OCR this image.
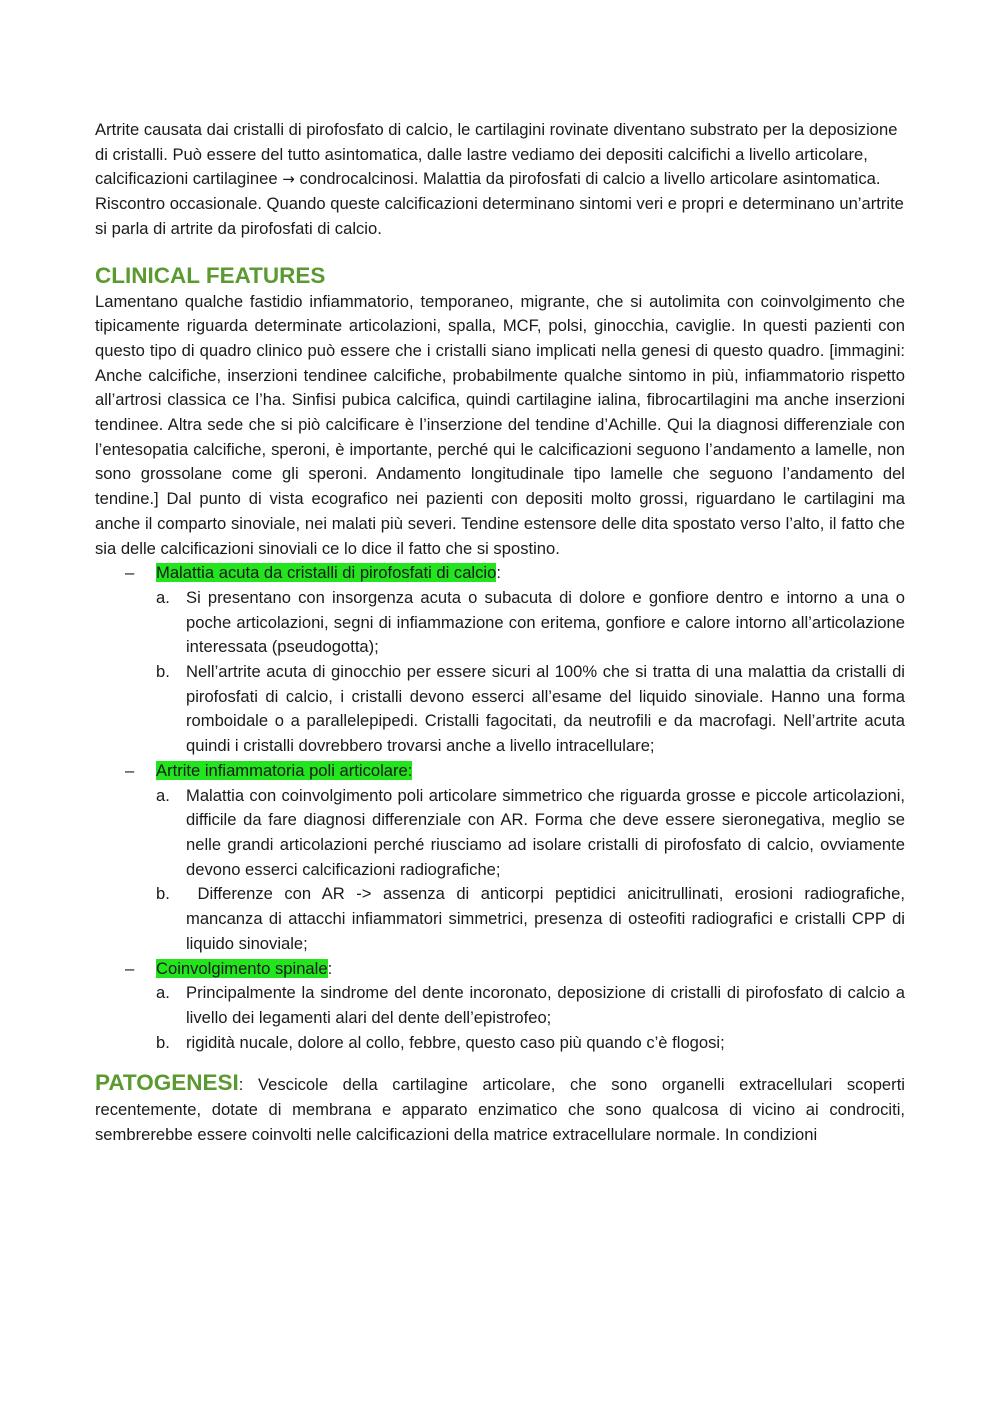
Artrite causata dai cristalli di pirofosfato di calcio, le cartilagini rovinate diventano substrato per la deposizione di cristalli. Può essere del tutto asintomatica, dalle lastre vediamo dei depositi calcifichi a livello articolare, calcificazioni cartilaginee → condrocalcinosi. Malattia da pirofosfati di calcio a livello articolare asintomatica. Riscontro occasionale. Quando queste calcificazioni determinano sintomi veri e propri e determinano un’artrite si parla di artrite da pirofosfati di calcio.

CLINICAL FEATURES

Lamentano qualche fastidio infiammatorio, temporaneo, migrante, che si autolimita con coinvolgimento che tipicamente riguarda determinate articolazioni, spalla, MCF, polsi, ginocchia, caviglie. In questi pazienti con questo tipo di quadro clinico può essere che i cristalli siano implicati nella genesi di questo quadro. [immagini: Anche calcifiche, inserzioni tendinee calcifiche, probabilmente qualche sintomo in più, infiammatorio rispetto all’artrosi classica ce l’ha. Sinfisi pubica calcifica, quindi cartilagine ialina, fibrocartilagini ma anche inserzioni tendinee. Altra sede che si piò calcificare è l’inserzione del tendine d’Achille. Qui la diagnosi differenziale con l’entesopatia calcifiche, speroni, è importante, perché qui le calcificazioni seguono l’andamento a lamelle, non sono grossolane come gli speroni. Andamento longitudinale tipo lamelle che seguono l’andamento del tendine.] Dal punto di vista ecografico nei pazienti con depositi molto grossi, riguardano le cartilagini ma anche il comparto sinoviale, nei malati più severi. Tendine estensore delle dita spostato verso l’alto, il fatto che sia delle calcificazioni sinoviali ce lo dice il fatto che si spostino.

– Malattia acuta da cristalli di pirofosfati di calcio:
a. Si presentano con insorgenza acuta o subacuta di dolore e gonfiore dentro e intorno a una o poche articolazioni, segni di infiammazione con eritema, gonfiore e calore intorno all’articolazione interessata (pseudogotta);
b. Nell’artrite acuta di ginocchio per essere sicuri al 100% che si tratta di una malattia da cristalli di pirofosfati di calcio, i cristalli devono esserci all’esame del liquido sinoviale. Hanno una forma romboidale o a parallelepipedi. Cristalli fagocitati, da neutrofili e da macrofagi. Nell’artrite acuta quindi i cristalli dovrebbero trovarsi anche a livello intracellulare;
– Artrite infiammatoria poli articolare:
a. Malattia con coinvolgimento poli articolare simmetrico che riguarda grosse e piccole articolazioni, difficile da fare diagnosi differenziale con AR. Forma che deve essere sieronegativa, meglio se nelle grandi articolazioni perché riusciamo ad isolare cristalli di pirofosfato di calcio, ovviamente devono esserci calcificazioni radiografiche;
b. Differenze con AR -> assenza di anticorpi peptidici anicitrullinati, erosioni radiografiche, mancanza di attacchi infiammatori simmetrici, presenza di osteofiti radiografici e cristalli CPP di liquido sinoviale;
– Coinvolgimento spinale:
a. Principalmente la sindrome del dente incoronato, deposizione di cristalli di pirofosfato di calcio a livello dei legamenti alari del dente dell’epistrofeo;
b. rigidità nucale, dolore al collo, febbre, questo caso più quando c’è flogosi;

PATOGENESI: Vescicole della cartilagine articolare, che sono organelli extracellulari scoperti recentemente, dotate di membrana e apparato enzimatico che sono qualcosa di vicino ai condrociti, sembrerebbe essere coinvolti nelle calcificazioni della matrice extracellulare normale. In condizioni
